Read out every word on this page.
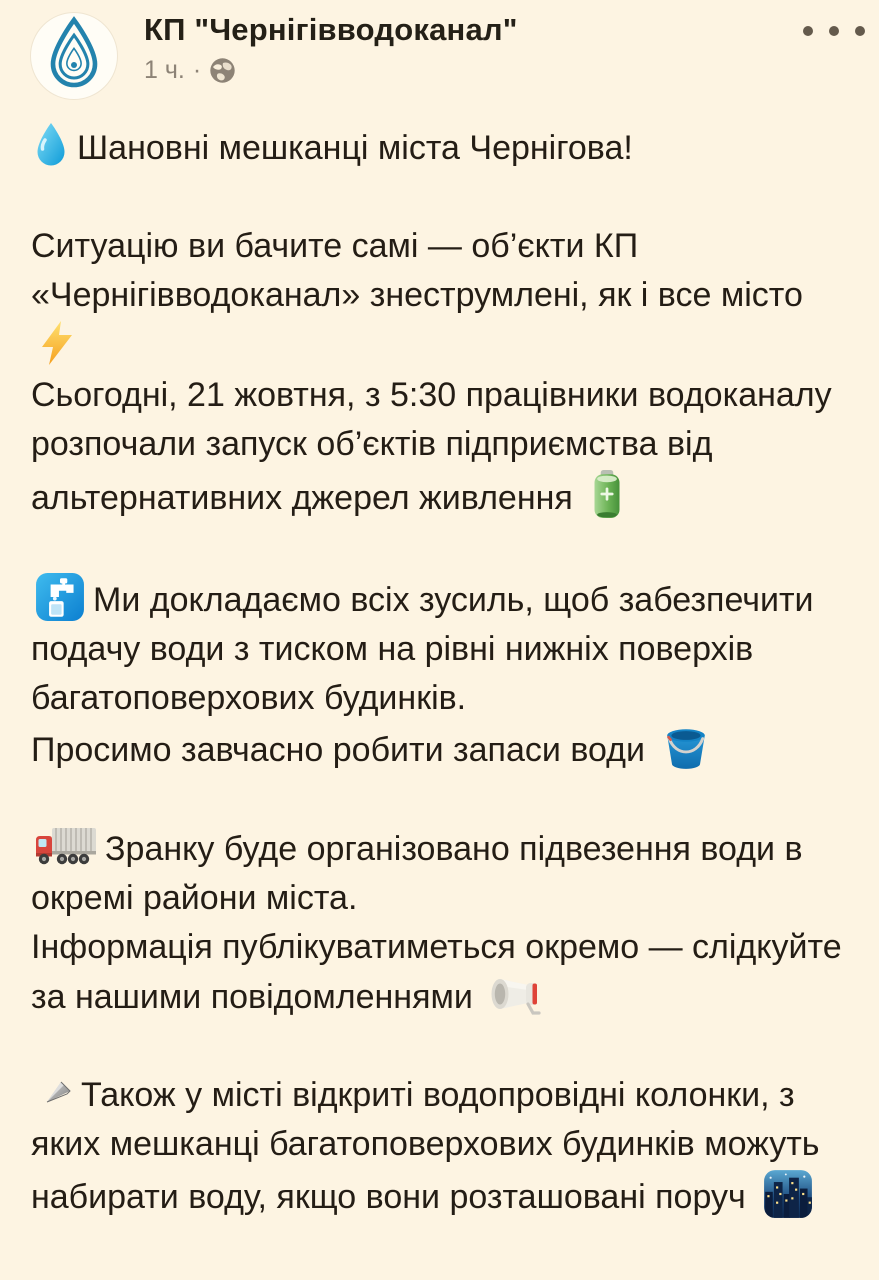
КП "Чернігівводоканал"
1 ч. ·
Шановні мешканці міста Чернігова!
Ситуацію ви бачите самі — об’єкти КП «Чернігівводоканал» знеструмлені, як і все місто
Сьогодні, 21 жовтня, з 5:30 працівники водоканалу розпочали запуск об’єктів підприємства від альтернативних джерел живлення
Ми докладаємо всіх зусиль, щоб забезпечити подачу води з тиском на рівні нижніх поверхів багатоповерхових будинків.
Просимо завчасно робити запаси води
Зранку буде організовано підвезення води в окремі райони міста.
Інформація публікуватиметься окремо — слідкуйте за нашими повідомленнями
Також у місті відкриті водопровідні колонки, з яких мешканці багатоповерхових будинків можуть набирати воду, якщо вони розташовані поруч
